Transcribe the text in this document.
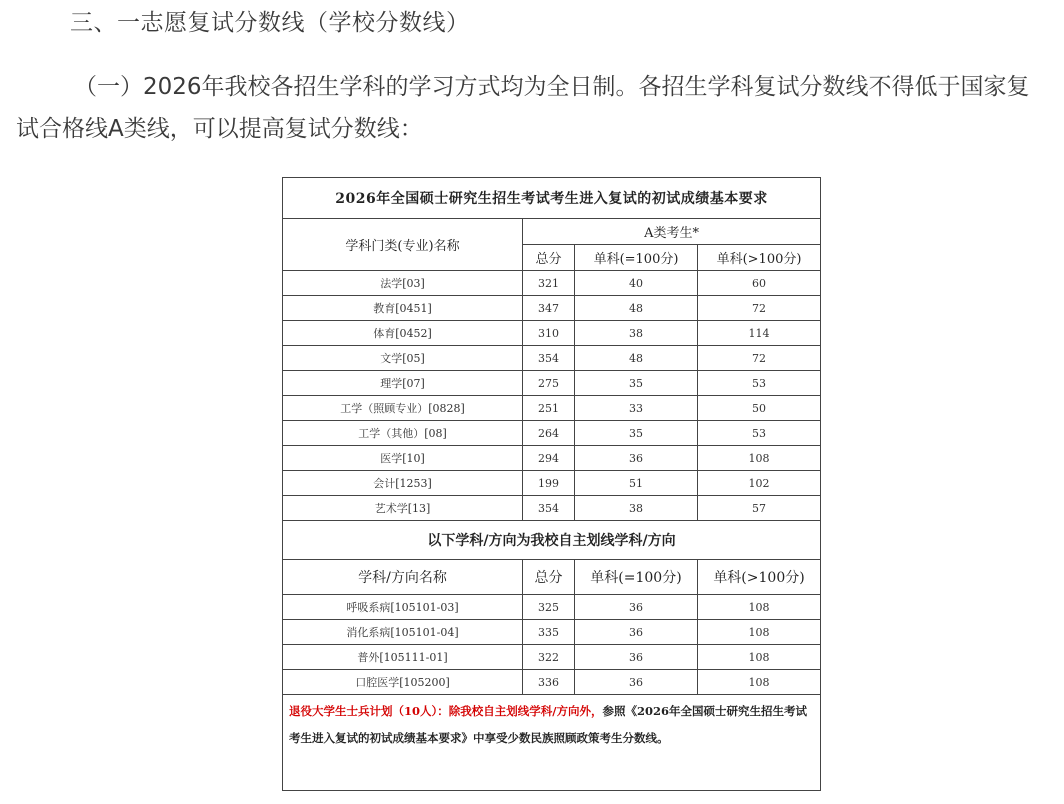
三、一志愿复试分数线（学校分数线）
（一）2026年我校各招生学科的学习方式均为全日制。各招生学科复试分数线不得低于国家复试合格线A类线，可以提高复试分数线：
2026年全国硕士研究生招生考试考生进入复试的初试成绩基本要求			
学科门类(专业)名称	A类考生*		
	总分	单科(=100分)	单科(>100分)
法学[03]	321	40	60
教育[0451]	347	48	72
体育[0452]	310	38	114
文学[05]	354	48	72
理学[07]	275	35	53
工学（照顾专业）[0828]	251	33	50
工学（其他）[08]	264	35	53
医学[10]	294	36	108
会计[1253]	199	51	102
艺术学[13]	354	38	57
以下学科/方向为我校自主划线学科/方向			
学科/方向名称	总分	单科(=100分)	单科(>100分)
呼吸系病[105101-03]	325	36	108
消化系病[105101-04]	335	36	108
普外[105111-01]	322	36	108
口腔医学[105200]	336	36	108
退役大学生士兵计划（10人）：除我校自主划线学科/方向外，参照《2026年全国硕士研究生招生考试考生进入复试的初试成绩基本要求》中享受少数民族照顾政策考生分数线。			
